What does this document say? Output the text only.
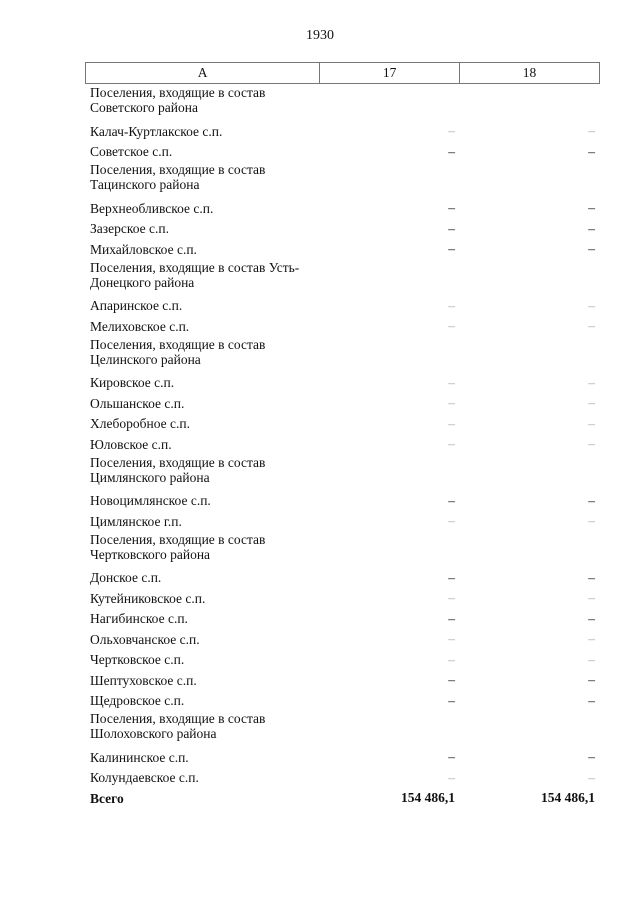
1930
А	17	18
Поселения, входящие в состав Советского района
Калач-Куртлакское с.п.	–	–
Советское с.п.	–	–
Поселения, входящие в состав Тацинского района
Верхнеобливское с.п.	–	–
Зазерское с.п.	–	–
Михайловское с.п.	–	–
Поселения, входящие в состав Усть-Донецкого района
Апаринское с.п.	–	–
Мелиховское с.п.	–	–
Поселения, входящие в состав Целинского района
Кировское с.п.	–	–
Ольшанское с.п.	–	–
Хлеборобное с.п.	–	–
Юловское с.п.	–	–
Поселения, входящие в состав Цимлянского района
Новоцимлянское с.п.	–	–
Цимлянское г.п.	–	–
Поселения, входящие в состав Чертковского района
Донское с.п.	–	–
Кутейниковское с.п.	–	–
Нагибинское с.п.	–	–
Ольховчанское с.п.	–	–
Чертковское с.п.	–	–
Шептуховское с.п.	–	–
Щедровское с.п.	–	–
Поселения, входящие в состав Шолоховского района
Калининское с.п.	–	–
Колундаевское с.п.	–	–
Всего	154 486,1	154 486,1
